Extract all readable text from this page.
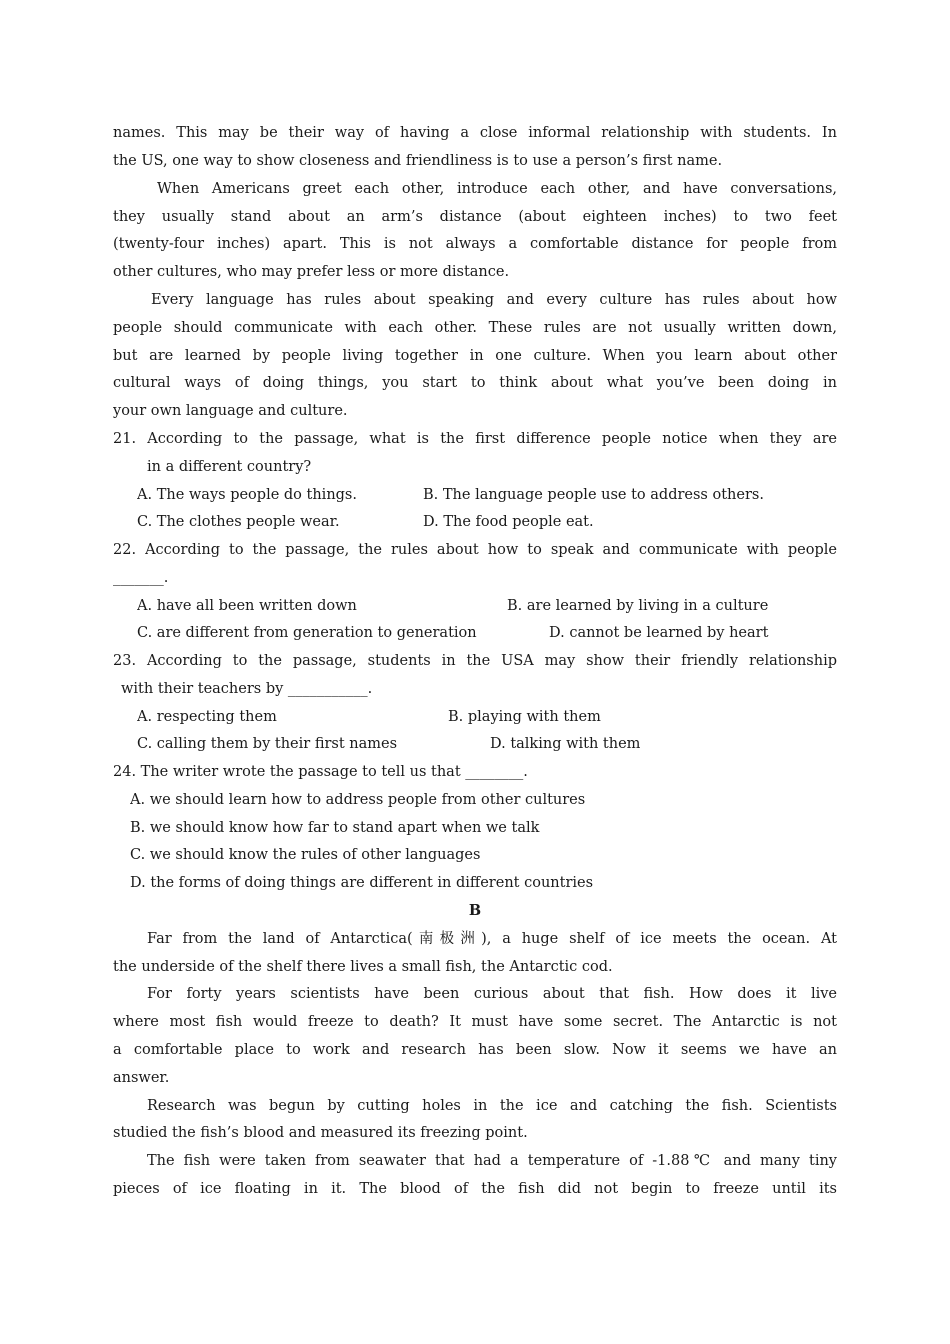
names. This may be their way of having a close informal relationship with students. In
the US, one way to show closeness and friendliness is to use a person’s first name.
When Americans greet each other, introduce each other, and have conversations,
they usually stand about an arm’s distance (about eighteen inches) to two feet
(twenty-four inches) apart. This is not always a comfortable distance for people from
other cultures, who may prefer less or more distance.
Every language has rules about speaking and every culture has rules about how
people should communicate with each other. These rules are not usually written down,
but are learned by people living together in one culture. When you learn about other
cultural ways of doing things, you start to think about what you’ve been doing in
your own language and culture.
21. According to the passage, what is the first difference people notice when they are
in a different country?
A. The ways people do things.	B. The language people use to address others.
C. The clothes people wear.	D. The food people eat.
22. According to the passage, the rules about how to speak and communicate with people
_______.
A. have all been written down	B. are learned by living in a culture
C. are different from generation to generation	D. cannot be learned by heart
23. According to the passage, students in the USA may show their friendly relationship
with their teachers by ___________.
A. respecting them	B. playing with them
C. calling them by their first names	D. talking with them
24. The writer wrote the passage to tell us that ________.
A. we should learn how to address people from other cultures
B. we should know how far to stand apart when we talk
C. we should know the rules of other languages
D. the forms of doing things are different in different countries
B
Far from the land of Antarctica(南极洲), a huge shelf of ice meets the ocean. At
the underside of the shelf there lives a small fish, the Antarctic cod.
For forty years scientists have been curious about that fish. How does it live
where most fish would freeze to death? It must have some secret. The Antarctic is not
a comfortable place to work and research has been slow. Now it seems we have an
answer.
Research was begun by cutting holes in the ice and catching the fish. Scientists
studied the fish’s blood and measured its freezing point.
The fish were taken from seawater that had a temperature of -1.88℃ and many tiny
pieces of ice floating in it. The blood of the fish did not begin to freeze until its
